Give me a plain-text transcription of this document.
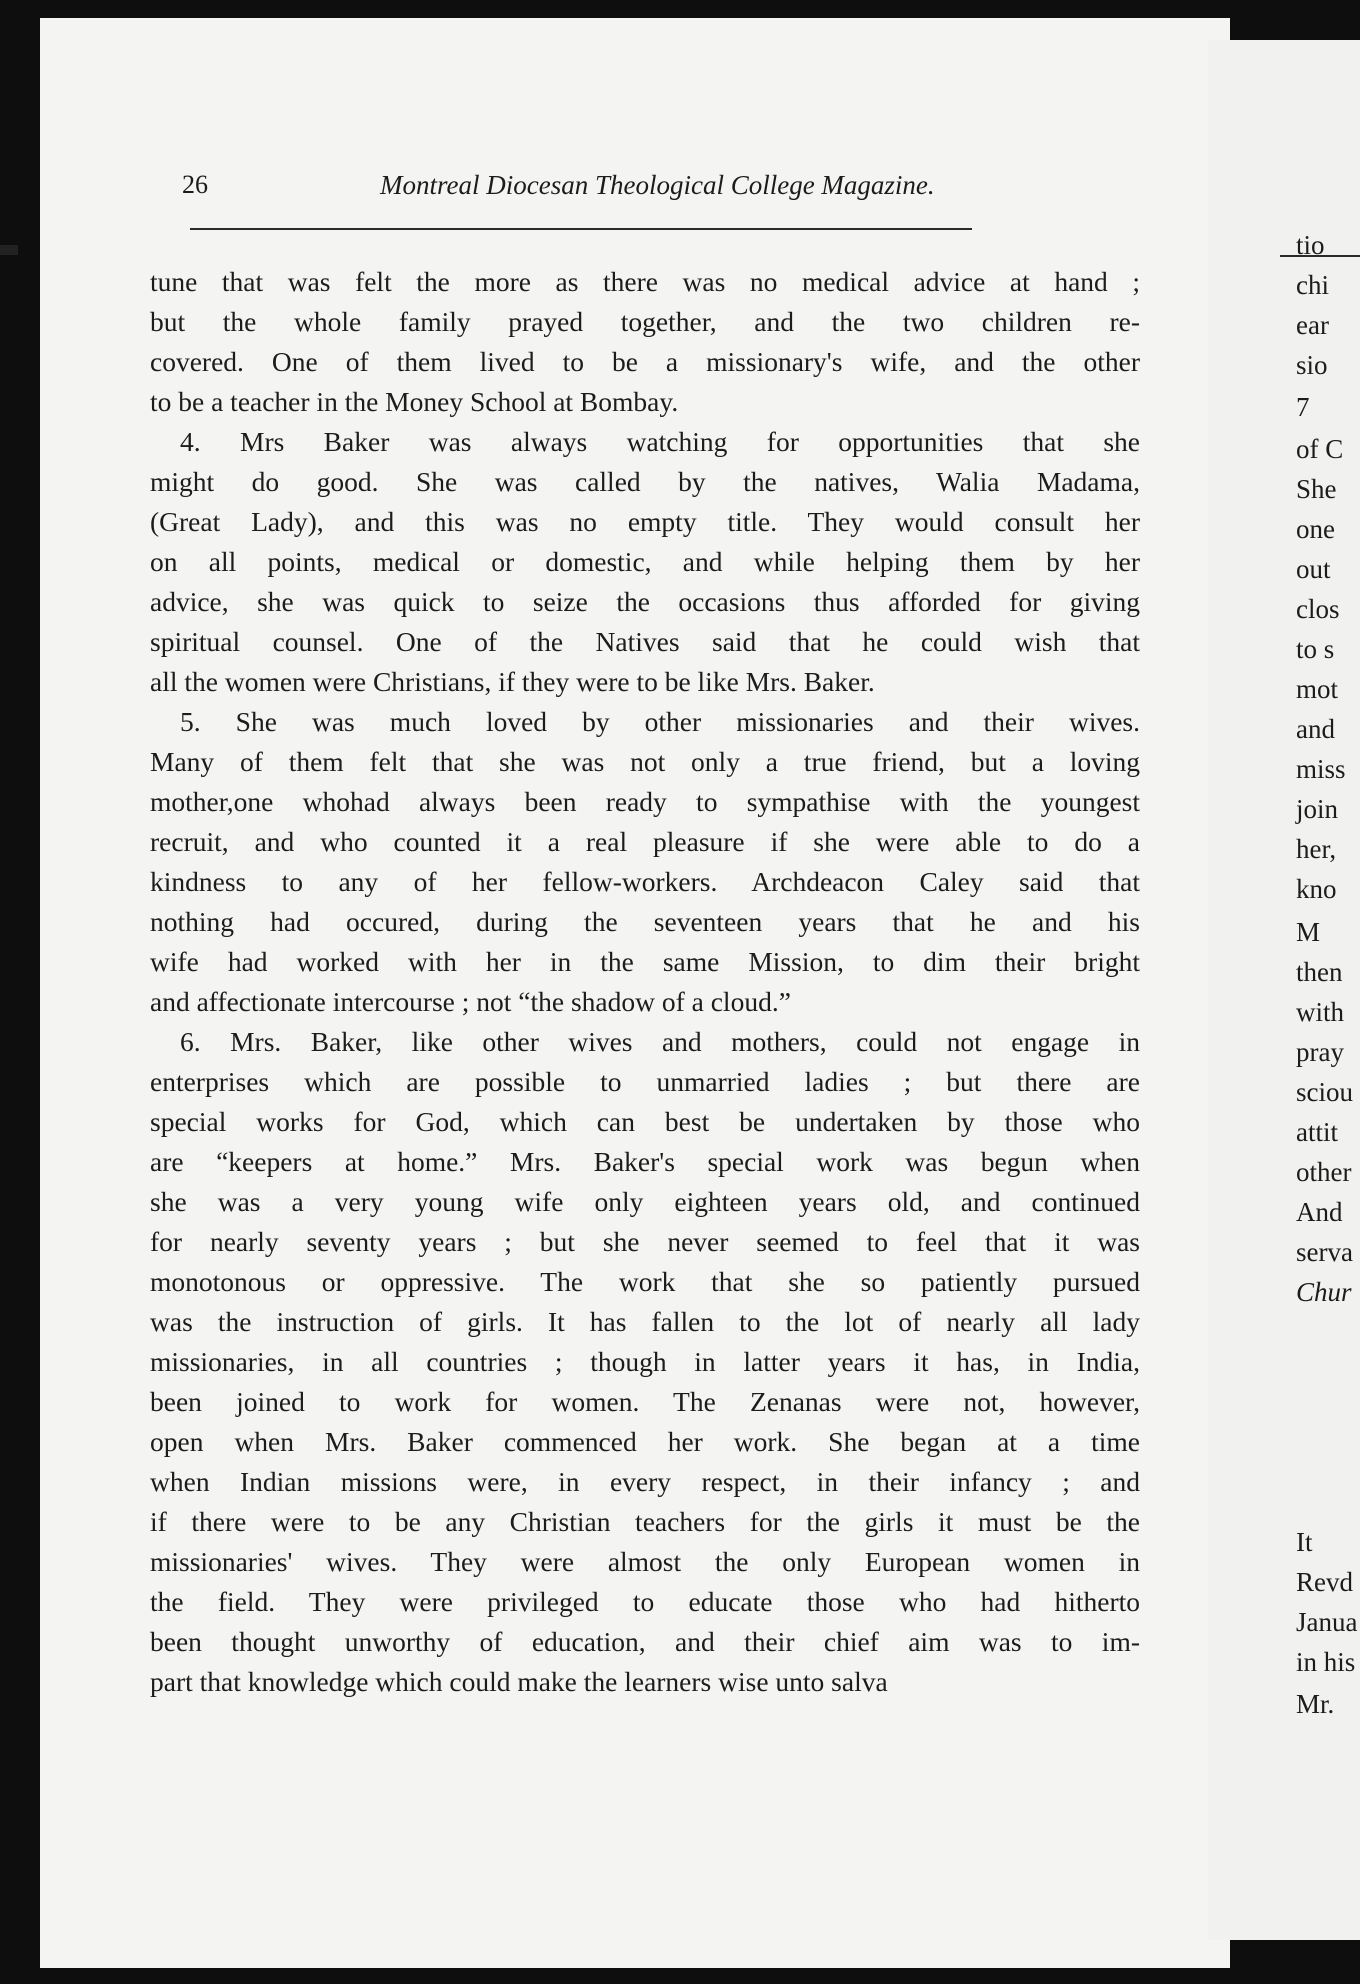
tio
chi
ear
sio
7
of C
She
one
out
clos
to s
mot
and
miss
join
her,
kno
M
then
with
pray
sciou
attit
other
And
serva
Chur
It
Revd
Janua
in his
Mr.
26	Montreal Diocesan Theological College Magazine.
tune that was felt the more as there was no medical advice at hand ;
but the whole family prayed together, and the two children re-
covered. One of them lived to be a missionary's wife, and the other
to be a teacher in the Money School at Bombay.
4. Mrs Baker was always watching for opportunities that she
might do good. She was called by the natives, Walia Madama,
(Great Lady), and this was no empty title. They would consult her
on all points, medical or domestic, and while helping them by her
advice, she was quick to seize the occasions thus afforded for giving
spiritual counsel. One of the Natives said that he could wish that
all the women were Christians, if they were to be like Mrs. Baker.
5. She was much loved by other missionaries and their wives.
Many of them felt that she was not only a true friend, but a loving
mother,one whohad always been ready to sympathise with the youngest
recruit, and who counted it a real pleasure if she were able to do a
kindness to any of her fellow-workers. Archdeacon Caley said that
nothing had occured, during the seventeen years that he and his
wife had worked with her in the same Mission, to dim their bright
and affectionate intercourse ; not “the shadow of a cloud.”
6. Mrs. Baker, like other wives and mothers, could not engage in
enterprises which are possible to unmarried ladies ; but there are
special works for God, which can best be undertaken by those who
are “keepers at home.” Mrs. Baker's special work was begun when
she was a very young wife only eighteen years old, and continued
for nearly seventy years ; but she never seemed to feel that it was
monotonous or oppressive. The work that she so patiently pursued
was the instruction of girls. It has fallen to the lot of nearly all lady
missionaries, in all countries ; though in latter years it has, in India,
been joined to work for women. The Zenanas were not, however,
open when Mrs. Baker commenced her work. She began at a time
when Indian missions were, in every respect, in their infancy ; and
if there were to be any Christian teachers for the girls it must be the
missionaries' wives. They were almost the only European women in
the field. They were privileged to educate those who had hitherto
been thought unworthy of education, and their chief aim was to im-
part that knowledge which could make the learners wise unto salva
